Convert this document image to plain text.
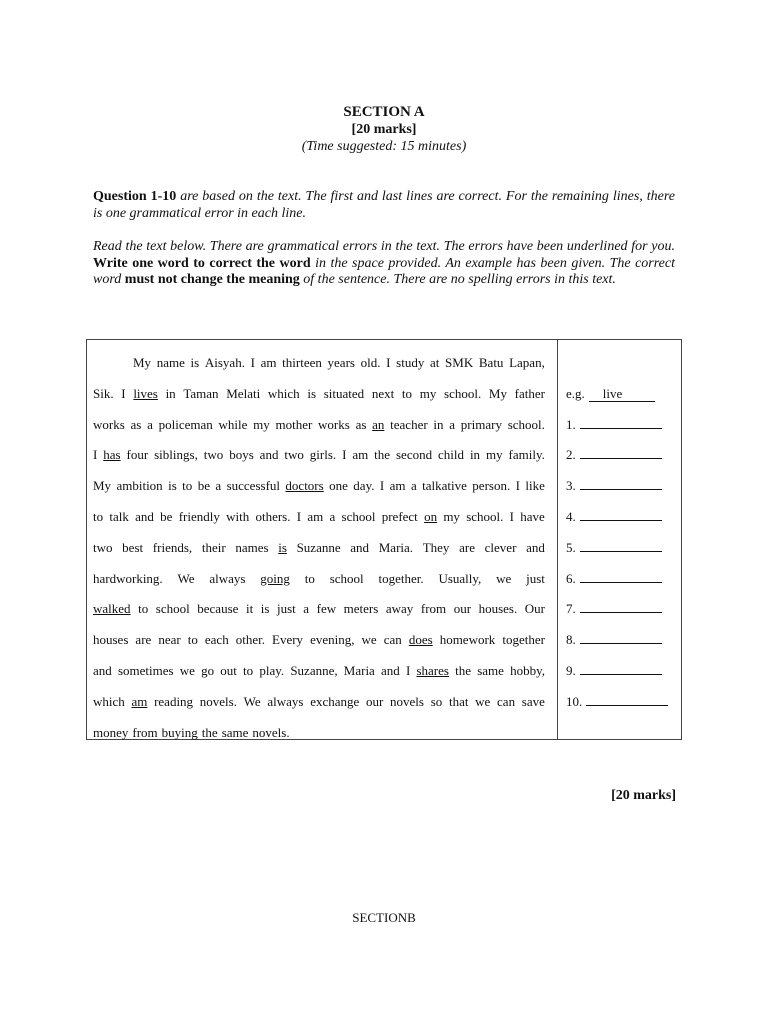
SECTION A
[20 marks]
(Time suggested: 15 minutes)
Question 1-10 are based on the text. The first and last lines are correct. For the remaining lines, there is one grammatical error in each line.
Read the text below. There are grammatical errors in the text. The errors have been underlined for you. Write one word to correct the word in the space provided. An example has been given. The correct word must not change the meaning of the sentence. There are no spelling errors in this text.
My name is Aisyah. I am thirteen years old. I study at SMK Batu Lapan,
Sik. I lives in Taman Melati which is situated next to my school. My father
works as a policeman while my mother works as an teacher in a primary school.
I has four siblings, two boys and two girls. I am the second child in my family.
My ambition is to be a successful doctors one day. I am a talkative person. I like
to talk and be friendly with others. I am a school prefect on my school. I have
two best friends, their names is Suzanne and Maria. They are clever and
hardworking. We always going to school together. Usually, we just
walked to school because it is just a few meters away from our houses. Our
houses are near to each other. Every evening, we can does homework together
and sometimes we go out to play. Suzanne, Maria and I shares the same hobby,
which am reading novels. We always exchange our novels so that we can save
money from buying the same novels.
e.g. live
1.
2.
3.
4.
5.
6.
7.
8.
9.
10.
[20 marks]
SECTIONB
